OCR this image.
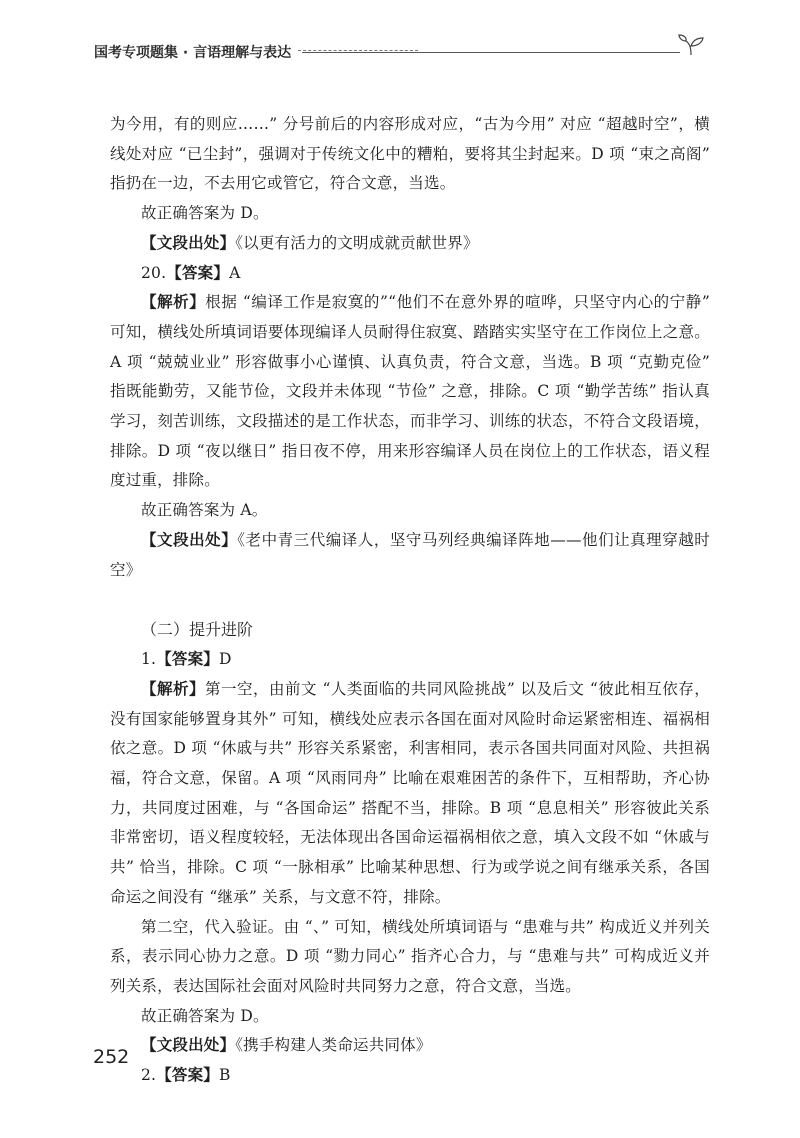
国考专项题集 · 言语理解与表达

为今用，有的则应……” 分号前后的内容形成对应，“古为今用” 对应 “超越时空”，横线处对应 “已尘封”，强调对于传统文化中的糟粕，要将其尘封起来。D 项 “束之高阁” 指扔在一边，不去用它或管它，符合文意，当选。

故正确答案为 D。

【文段出处】《以更有活力的文明成就贡献世界》

20.【答案】A

【解析】根据 “编译工作是寂寞的”“他们不在意外界的喧哗，只坚守内心的宁静” 可知，横线处所填词语要体现编译人员耐得住寂寞、踏踏实实坚守在工作岗位上之意。A 项 “兢兢业业” 形容做事小心谨慎、认真负责，符合文意，当选。B 项 “克勤克俭” 指既能勤劳，又能节俭，文段并未体现 “节俭” 之意，排除。C 项 “勤学苦练” 指认真学习，刻苦训练，文段描述的是工作状态，而非学习、训练的状态，不符合文段语境，排除。D 项 “夜以继日” 指日夜不停，用来形容编译人员在岗位上的工作状态，语义程度过重，排除。

故正确答案为 A。

【文段出处】《老中青三代编译人，坚守马列经典编译阵地——他们让真理穿越时空》

（二）提升进阶

1.【答案】D

【解析】第一空，由前文 “人类面临的共同风险挑战” 以及后文 “彼此相互依存，没有国家能够置身其外” 可知，横线处应表示各国在面对风险时命运紧密相连、福祸相依之意。D 项 “休戚与共” 形容关系紧密，利害相同，表示各国共同面对风险、共担祸福，符合文意，保留。A 项 “风雨同舟” 比喻在艰难困苦的条件下，互相帮助，齐心协力，共同度过困难，与 “各国命运” 搭配不当，排除。B 项 “息息相关” 形容彼此关系非常密切，语义程度较轻，无法体现出各国命运福祸相依之意，填入文段不如 “休戚与共” 恰当，排除。C 项 “一脉相承” 比喻某种思想、行为或学说之间有继承关系，各国命运之间没有 “继承” 关系，与文意不符，排除。

第二空，代入验证。由 “、” 可知，横线处所填词语与 “患难与共” 构成近义并列关系，表示同心协力之意。D 项 “勠力同心” 指齐心合力，与 “患难与共” 可构成近义并列关系，表达国际社会面对风险时共同努力之意，符合文意，当选。

故正确答案为 D。

【文段出处】《携手构建人类命运共同体》

2.【答案】B

252
